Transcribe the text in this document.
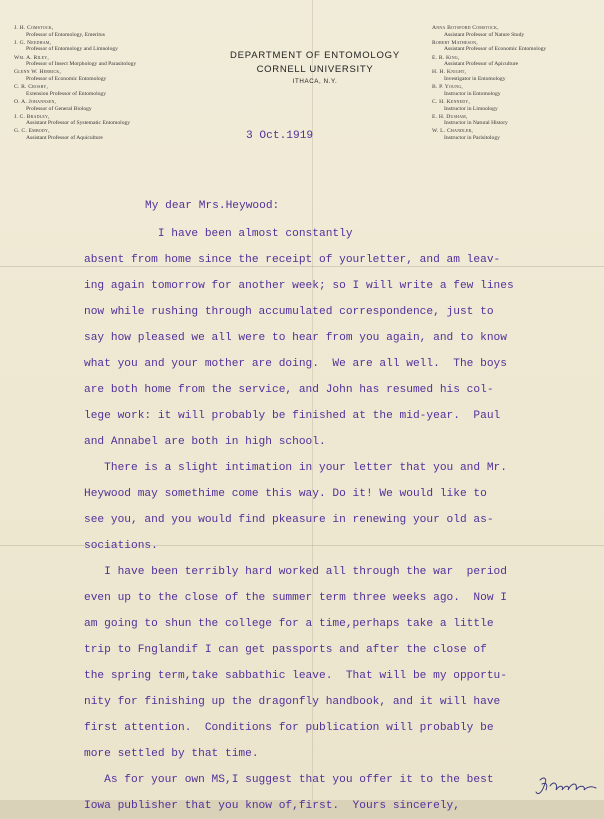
J. H. Comstock,
Professor of Entomology, Emeritus
J. G. Needham,
Professor of Entomology and Limnology
Wm. A. Riley,
Professor of Insect Morphology and Parasitology
Glenn W. Herrick,
Professor of Economic Entomology
C. R. Crosby,
Extension Professor of Entomology
O. A. Johannsen,
Professor of General Biology
J. C. Bradley,
Assistant Professor of Systematic Entomology
G. C. Embody,
Assistant Professor of Aquiculture
DEPARTMENT OF ENTOMOLOGY
CORNELL UNIVERSITY
ITHACA, N.Y.
Anna Botsford Comstock,
Assistant Professor of Nature Study
Robert Matheson,
Assistant Professor of Economic Entomology
E. R. King,
Assistant Professor of Apiculture
H. H. Knight,
Investigator in Entomology
B. P. Young,
Instructor in Entomology
C. H. Kennedy,
Instructor in Limnology
E. H. Dusham,
Instructor in Natural History
W. L. Chandler,
Instructor in Parisitology
3 Oct.1919
My dear Mrs.Heywood:
I have been almost constantly
absent from home since the receipt of yourletter, and am leav-
ing again tomorrow for another week; so I will write a few lines
now while rushing through accumulated correspondence, just to
say how pleased we all were to hear from you again, and to know
what you and your mother are doing.  We are all well.  The boys
are both home from the service, and John has resumed his col-
lege work: it will probably be finished at the mid-year.  Paul
and Annabel are both in high school.
There is a slight intimation in your letter that you and Mr.
Heywood may somethime come this way. Do it! We would like to
see you, and you would find pkeasure in renewing your old as-
sociations.
I have been terribly hard worked all through the war  period
even up to the close of the summer term three weeks ago.  Now I
am going to shun the college for a time,perhaps take a little
trip to Fnglandif I can get passports and after the close of
the spring term,take sabbathic leave.  That will be my opportu-
nity for finishing up the dragonfly handbook, and it will have
first attention.  Conditions for publication will probably be
more settled by that time.
As for your own MS,I suggest that you offer it to the best
Iowa publisher that you know of,first.  Yours sincerely,
